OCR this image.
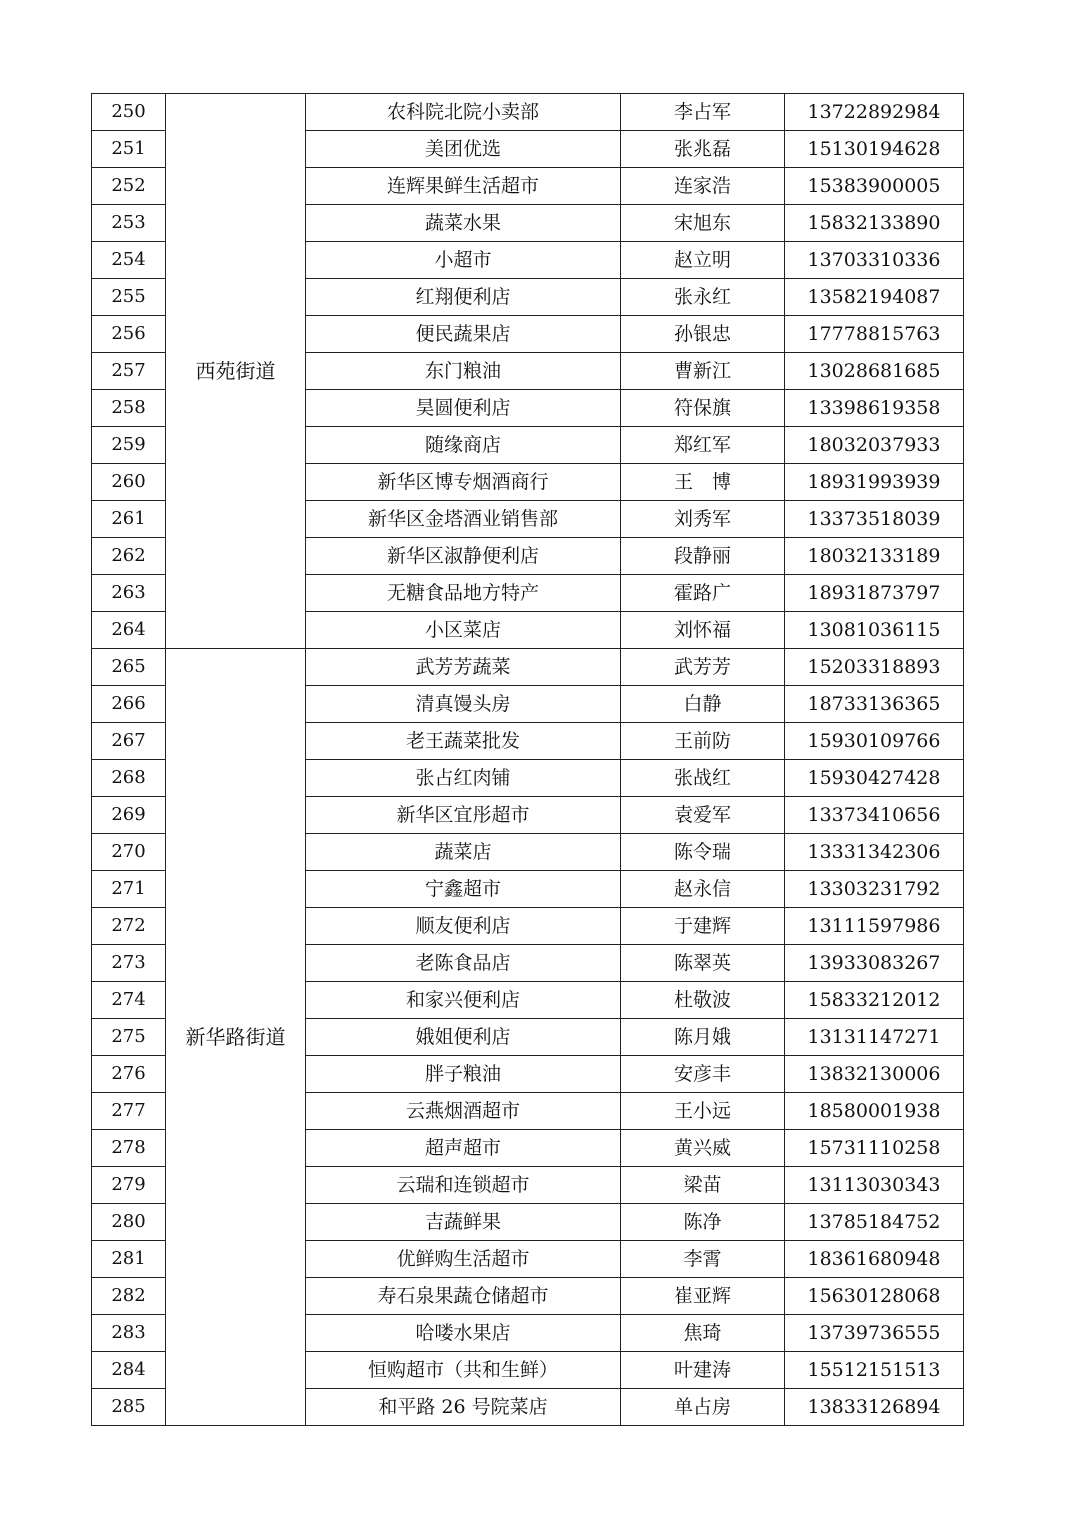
250	西苑街道	农科院北院小卖部	李占军	13722892984
251		美团优选	张兆磊	15130194628
252		连辉果鲜生活超市	连家浩	15383900005
253		蔬菜水果	宋旭东	15832133890
254		小超市	赵立明	13703310336
255		红翔便利店	张永红	13582194087
256		便民蔬果店	孙银忠	17778815763
257		东门粮油	曹新江	13028681685
258		昊圆便利店	符保旗	13398619358
259		随缘商店	郑红军	18032037933
260		新华区博专烟酒商行	王　博	18931993939
261		新华区金塔酒业销售部	刘秀军	13373518039
262		新华区淑静便利店	段静丽	18032133189
263		无糖食品地方特产	霍路广	18931873797
264		小区菜店	刘怀福	13081036115
265	新华路街道	武芳芳蔬菜	武芳芳	15203318893
266		清真馒头房	白静	18733136365
267		老王蔬菜批发	王前防	15930109766
268		张占红肉铺	张战红	15930427428
269		新华区宜彤超市	袁爱军	13373410656
270		蔬菜店	陈令瑞	13331342306
271		宁鑫超市	赵永信	13303231792
272		顺友便利店	于建辉	13111597986
273		老陈食品店	陈翠英	13933083267
274		和家兴便利店	杜敬波	15833212012
275		娥姐便利店	陈月娥	13131147271
276		胖子粮油	安彦丰	13832130006
277		云燕烟酒超市	王小远	18580001938
278		超声超市	黄兴威	15731110258
279		云瑞和连锁超市	梁苗	13113030343
280		吉蔬鲜果	陈净	13785184752
281		优鲜购生活超市	李霄	18361680948
282		寿石泉果蔬仓储超市	崔亚辉	15630128068
283		哈喽水果店	焦琦	13739736555
284		恒购超市（共和生鲜）	叶建涛	15512151513
285		和平路 26 号院菜店	单占房	13833126894
